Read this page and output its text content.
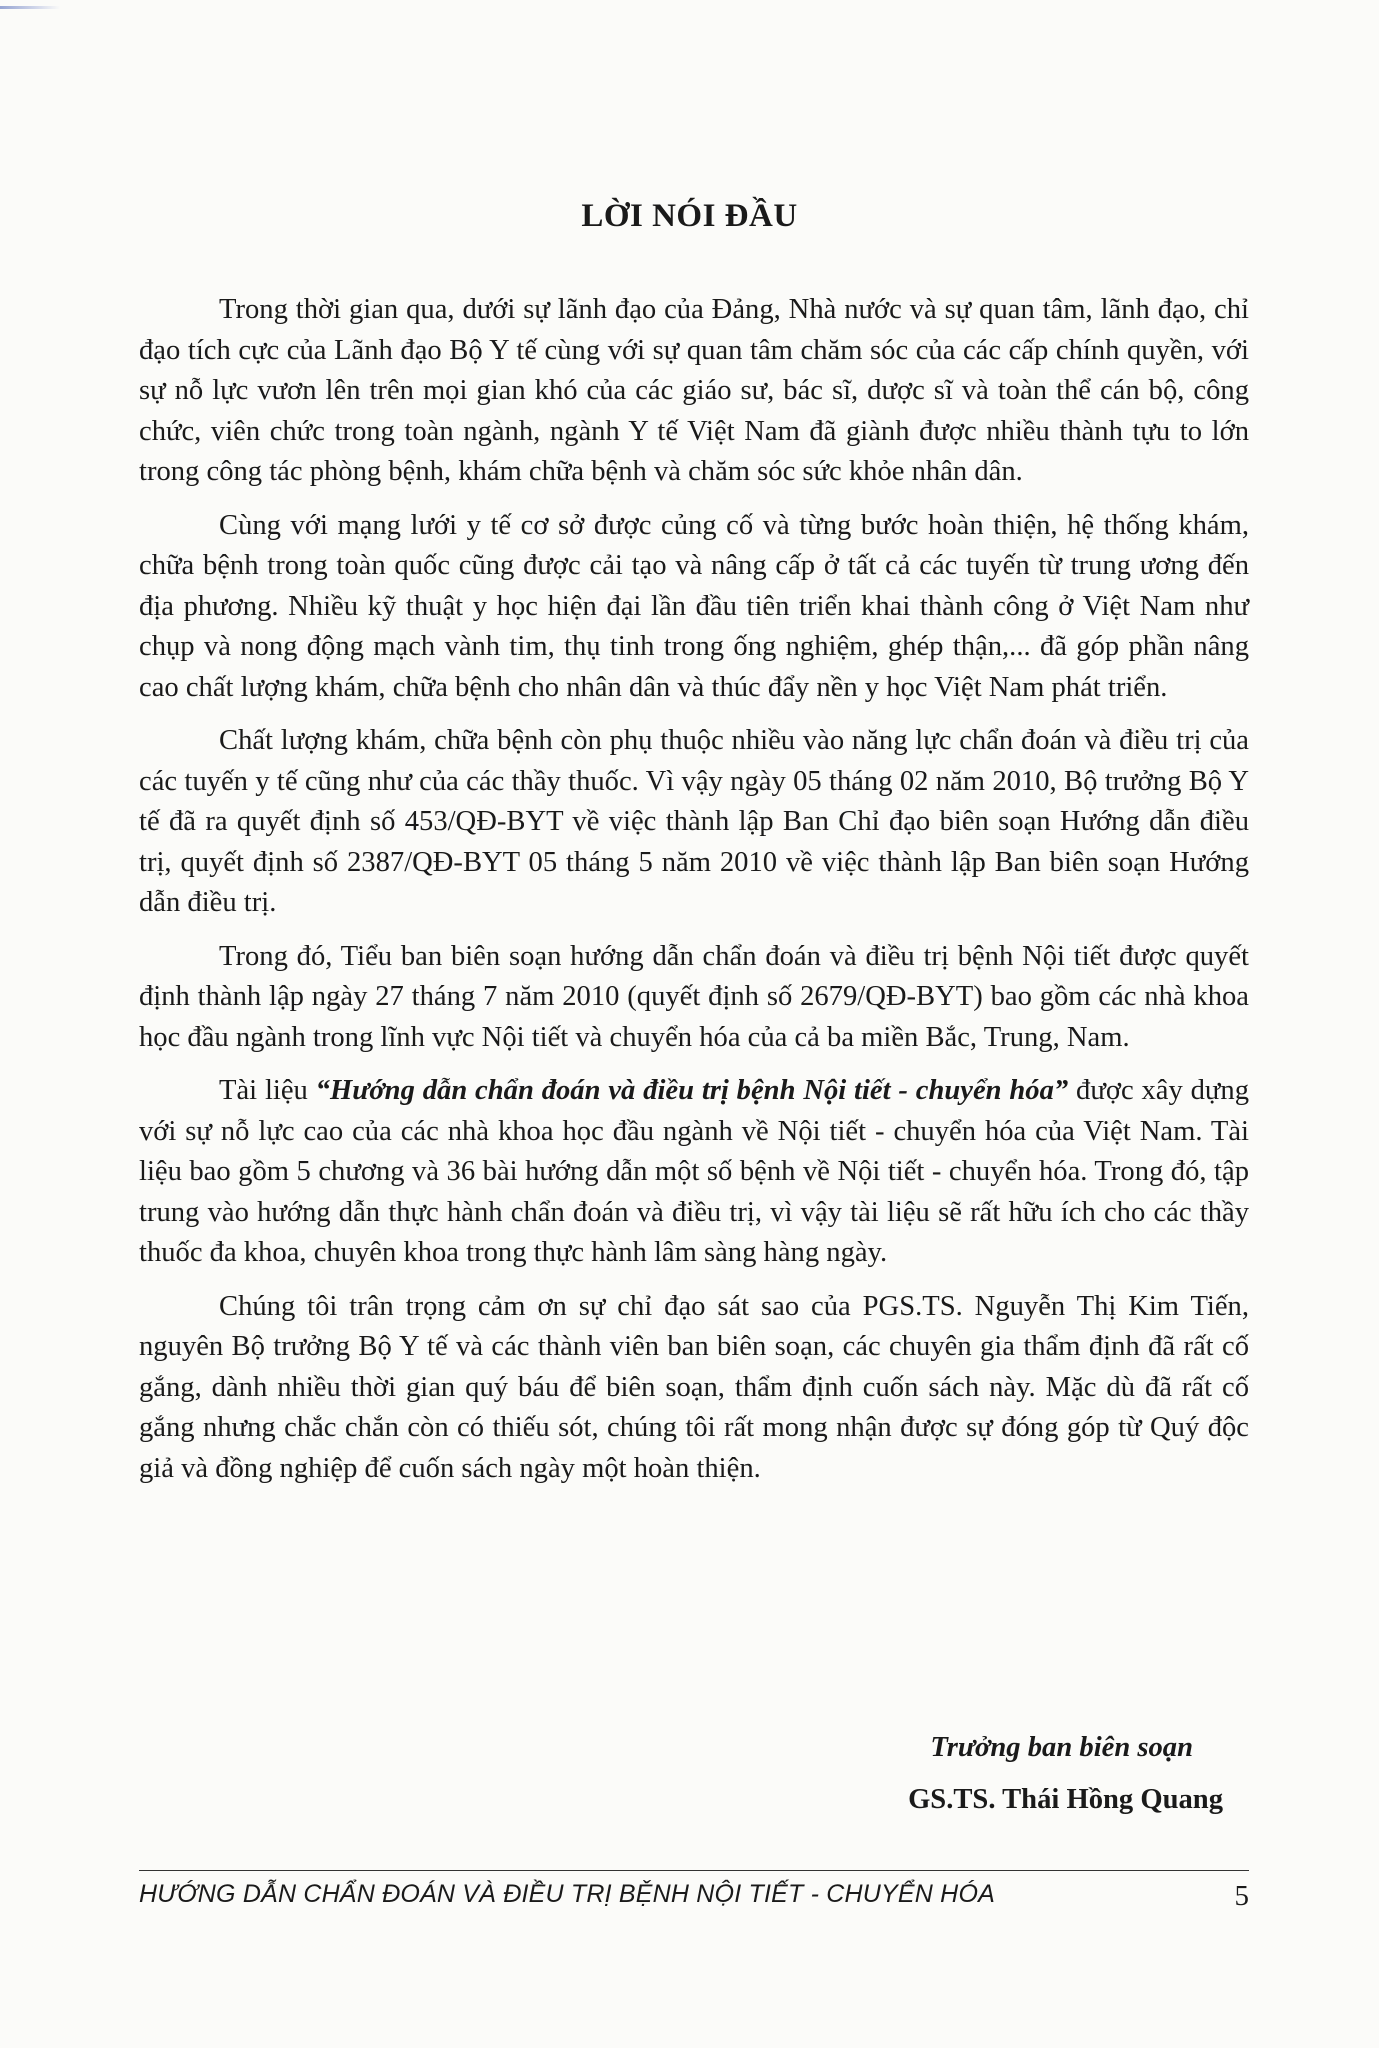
LỜI NÓI ĐẦU

Trong thời gian qua, dưới sự lãnh đạo của Đảng, Nhà nước và sự quan tâm, lãnh đạo, chỉ đạo tích cực của Lãnh đạo Bộ Y tế cùng với sự quan tâm chăm sóc của các cấp chính quyền, với sự nỗ lực vươn lên trên mọi gian khó của các giáo sư, bác sĩ, dược sĩ và toàn thể cán bộ, công chức, viên chức trong toàn ngành, ngành Y tế Việt Nam đã giành được nhiều thành tựu to lớn trong công tác phòng bệnh, khám chữa bệnh và chăm sóc sức khỏe nhân dân.

Cùng với mạng lưới y tế cơ sở được củng cố và từng bước hoàn thiện, hệ thống khám, chữa bệnh trong toàn quốc cũng được cải tạo và nâng cấp ở tất cả các tuyến từ trung ương đến địa phương. Nhiều kỹ thuật y học hiện đại lần đầu tiên triển khai thành công ở Việt Nam như chụp và nong động mạch vành tim, thụ tinh trong ống nghiệm, ghép thận,... đã góp phần nâng cao chất lượng khám, chữa bệnh cho nhân dân và thúc đẩy nền y học Việt Nam phát triển.

Chất lượng khám, chữa bệnh còn phụ thuộc nhiều vào năng lực chẩn đoán và điều trị của các tuyến y tế cũng như của các thầy thuốc. Vì vậy ngày 05 tháng 02 năm 2010, Bộ trưởng Bộ Y tế đã ra quyết định số 453/QĐ-BYT về việc thành lập Ban Chỉ đạo biên soạn Hướng dẫn điều trị, quyết định số 2387/QĐ-BYT 05 tháng 5 năm 2010 về việc thành lập Ban biên soạn Hướng dẫn điều trị.

Trong đó, Tiểu ban biên soạn hướng dẫn chẩn đoán và điều trị bệnh Nội tiết được quyết định thành lập ngày 27 tháng 7 năm 2010 (quyết định số 2679/QĐ-BYT) bao gồm các nhà khoa học đầu ngành trong lĩnh vực Nội tiết và chuyển hóa của cả ba miền Bắc, Trung, Nam.

Tài liệu “Hướng dẫn chẩn đoán và điều trị bệnh Nội tiết - chuyển hóa” được xây dựng với sự nỗ lực cao của các nhà khoa học đầu ngành về Nội tiết - chuyển hóa của Việt Nam. Tài liệu bao gồm 5 chương và 36 bài hướng dẫn một số bệnh về Nội tiết - chuyển hóa. Trong đó, tập trung vào hướng dẫn thực hành chẩn đoán và điều trị, vì vậy tài liệu sẽ rất hữu ích cho các thầy thuốc đa khoa, chuyên khoa trong thực hành lâm sàng hàng ngày.

Chúng tôi trân trọng cảm ơn sự chỉ đạo sát sao của PGS.TS. Nguyễn Thị Kim Tiến, nguyên Bộ trưởng Bộ Y tế và các thành viên ban biên soạn, các chuyên gia thẩm định đã rất cố gắng, dành nhiều thời gian quý báu để biên soạn, thẩm định cuốn sách này. Mặc dù đã rất cố gắng nhưng chắc chắn còn có thiếu sót, chúng tôi rất mong nhận được sự đóng góp từ Quý độc giả và đồng nghiệp để cuốn sách ngày một hoàn thiện.

Trưởng ban biên soạn
GS.TS. Thái Hồng Quang
HƯỚNG DẪN CHẨN ĐOÁN VÀ ĐIỀU TRỊ BỆNH NỘI TIẾT - CHUYỂN HÓA	5
